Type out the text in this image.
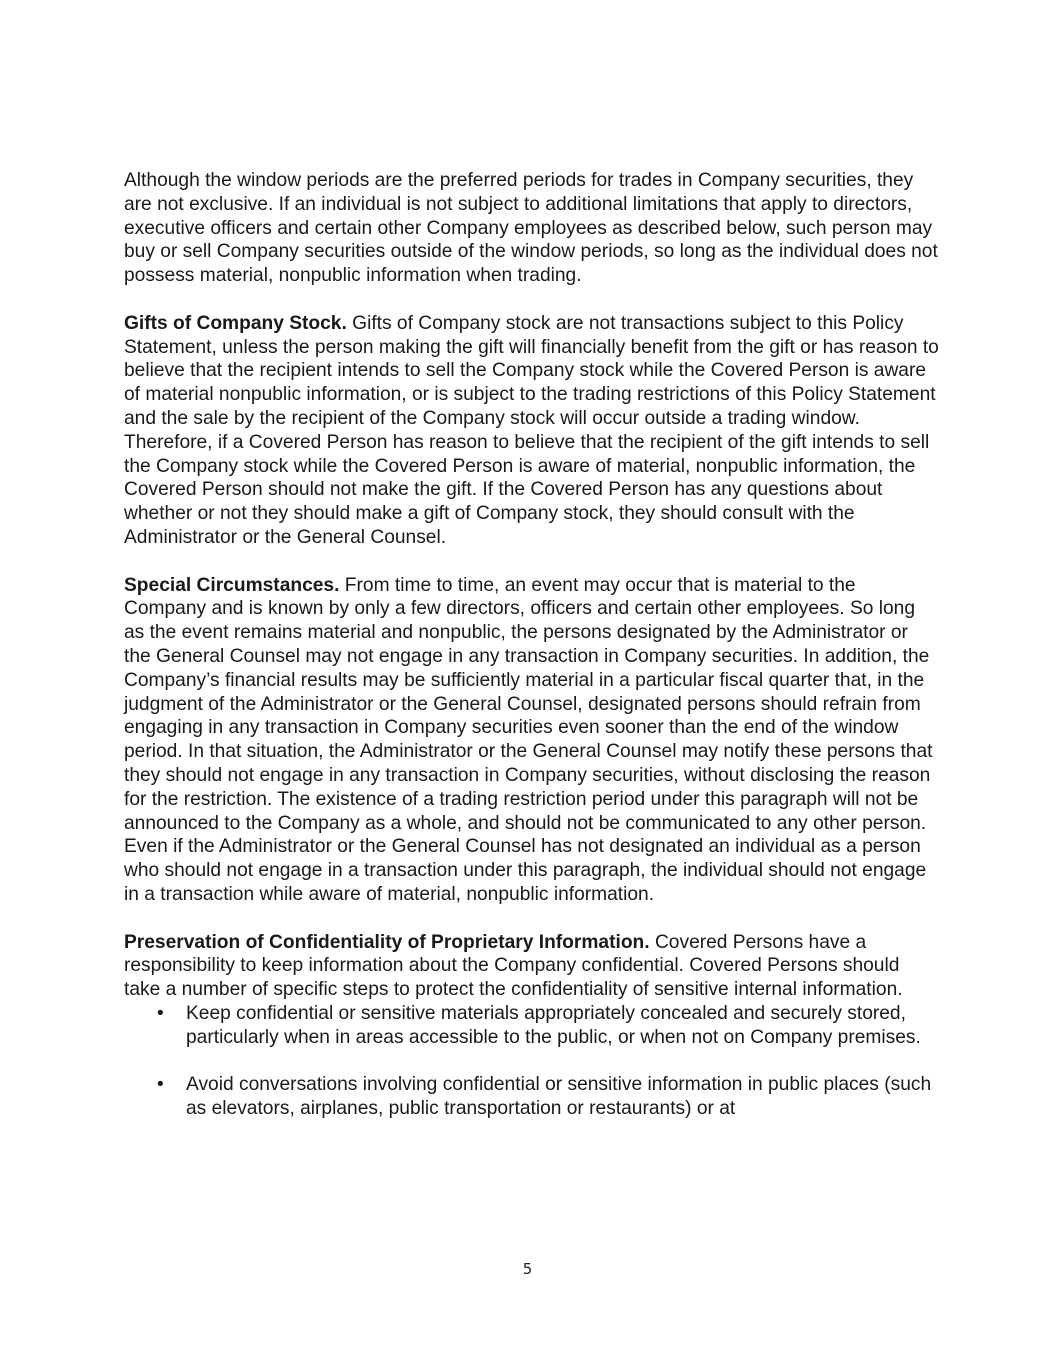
Although the window periods are the preferred periods for trades in Company securities, they are not exclusive. If an individual is not subject to additional limitations that apply to directors, executive officers and certain other Company employees as described below, such person may buy or sell Company securities outside of the window periods, so long as the individual does not possess material, nonpublic information when trading.

Gifts of Company Stock. Gifts of Company stock are not transactions subject to this Policy Statement, unless the person making the gift will financially benefit from the gift or has reason to believe that the recipient intends to sell the Company stock while the Covered Person is aware of material nonpublic information, or is subject to the trading restrictions of this Policy Statement and the sale by the recipient of the Company stock will occur outside a trading window. Therefore, if a Covered Person has reason to believe that the recipient of the gift intends to sell the Company stock while the Covered Person is aware of material, nonpublic information, the Covered Person should not make the gift. If the Covered Person has any questions about whether or not they should make a gift of Company stock, they should consult with the Administrator or the General Counsel.

Special Circumstances. From time to time, an event may occur that is material to the Company and is known by only a few directors, officers and certain other employees. So long as the event remains material and nonpublic, the persons designated by the Administrator or the General Counsel may not engage in any transaction in Company securities. In addition, the Company’s financial results may be sufficiently material in a particular fiscal quarter that, in the judgment of the Administrator or the General Counsel, designated persons should refrain from engaging in any transaction in Company securities even sooner than the end of the window period. In that situation, the Administrator or the General Counsel may notify these persons that they should not engage in any transaction in Company securities, without disclosing the reason for the restriction. The existence of a trading restriction period under this paragraph will not be announced to the Company as a whole, and should not be communicated to any other person. Even if the Administrator or the General Counsel has not designated an individual as a person who should not engage in a transaction under this paragraph, the individual should not engage in a transaction while aware of material, nonpublic information.

Preservation of Confidentiality of Proprietary Information. Covered Persons have a responsibility to keep information about the Company confidential. Covered Persons should take a number of specific steps to protect the confidentiality of sensitive internal information.

• Keep confidential or sensitive materials appropriately concealed and securely stored, particularly when in areas accessible to the public, or when not on Company premises.
• Avoid conversations involving confidential or sensitive information in public places (such as elevators, airplanes, public transportation or restaurants) or at
5
